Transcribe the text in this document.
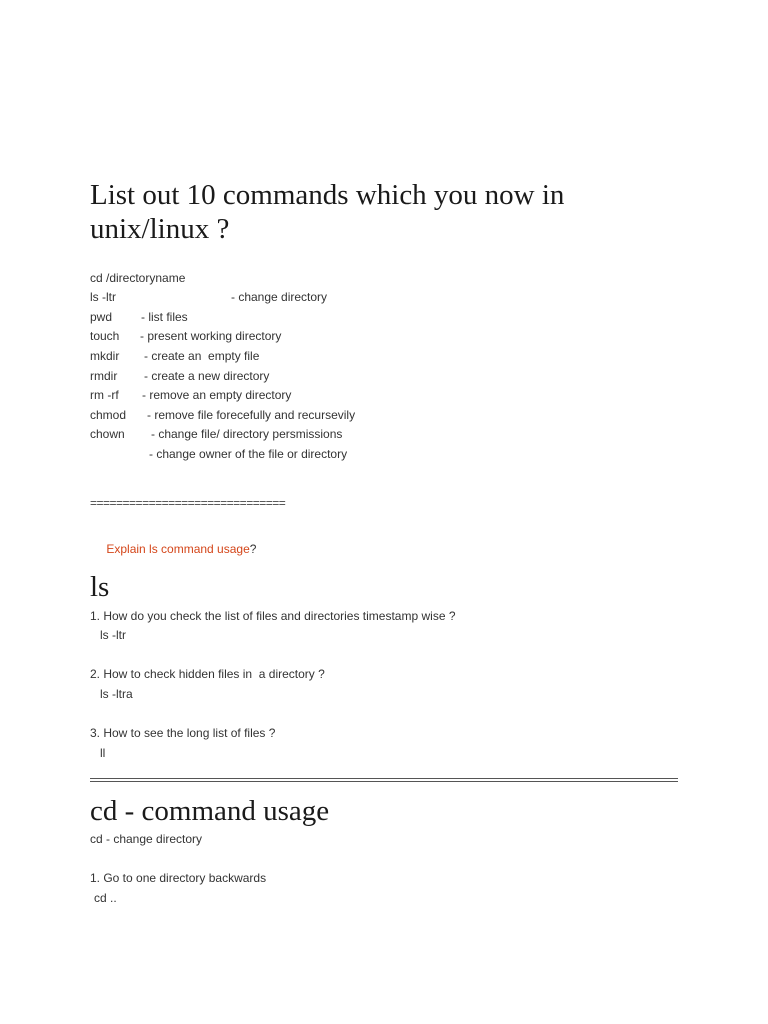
List out 10 commands which you now in
unix/linux ?

cd /directoryname

- change directory

ls -ltr

- list files

pwd

- present working directory

touch

- create an  empty file

mkdir

- create a new directory

rmdir

- remove an empty directory

rm -rf

- remove file forecefully and recursevily

chmod

- change file/ directory persmissions

chown

- change owner of the file or directory

==============================

Explain ls command usage?

ls
1. How do you check the list of files and directories timestamp wise ?
ls -ltr
2. How to check hidden files in  a directory ?
ls -ltra
3. How to see the long list of files ?
ll
cd - command usage
cd - change directory
1. Go to one directory backwards
cd ..
